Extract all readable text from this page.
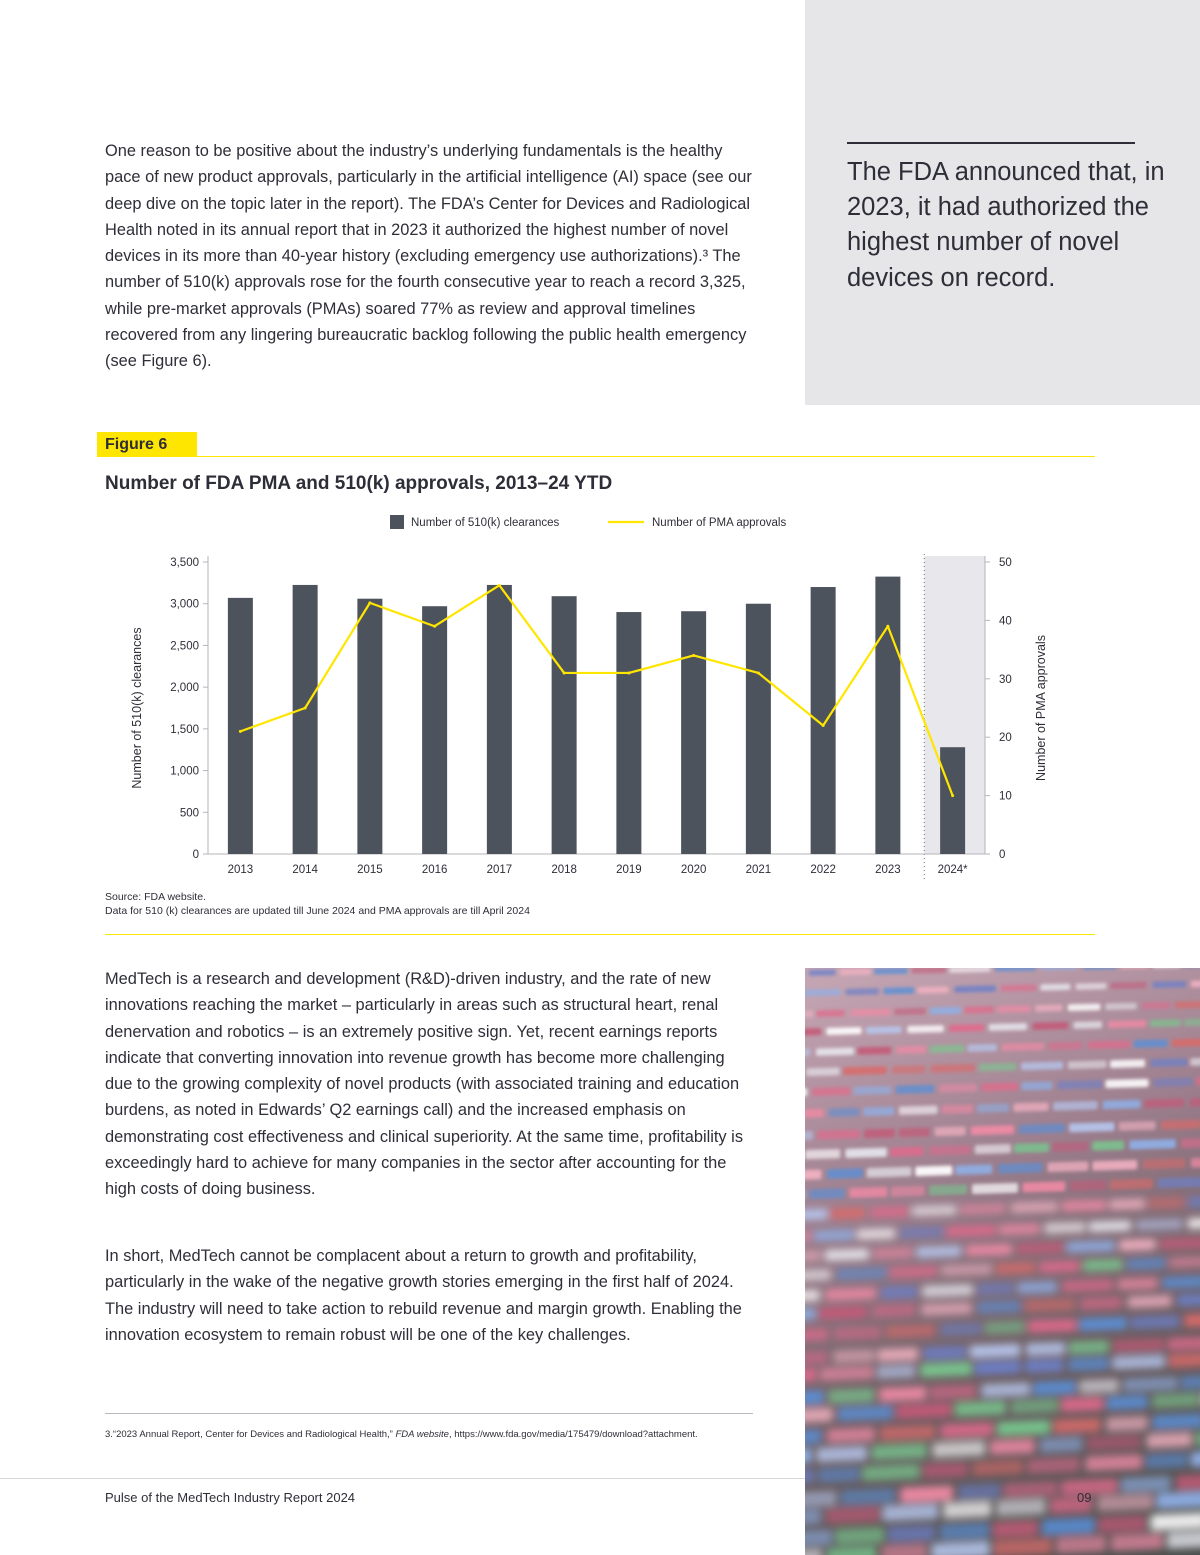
One reason to be positive about the industry’s underlying fundamentals is the healthy pace of new product approvals, particularly in the artificial intelligence (AI) space (see our deep dive on the topic later in the report). The FDA’s Center for Devices and Radiological Health noted in its annual report that in 2023 it authorized the highest number of novel devices in its more than 40-year history (excluding emergency use authorizations).³ The number of 510(k) approvals rose for the fourth consecutive year to reach a record 3,325, while pre-market approvals (PMAs) soared 77% as review and approval timelines recovered from any lingering bureaucratic backlog following the public health emergency (see Figure 6).

The FDA announced that, in 2023, it had authorized the highest number of novel devices on record.

Figure 6
Number of FDA PMA and 510(k) approvals, 2013–24 YTD
0
500
1,000
1,500
2,000
2,500
3,000
3,500
0
10
20
30
40
50
2013	2014	2015	2016	2017	2018	2019	2020	2021	2022	2023	2024*
Number of 510(k) clearances	Number of PMA approvals
Number of 510(k) clearances	Number of PMA approvals

Source: FDA website.

Data for 510 (k) clearances are updated till June 2024 and PMA approvals are till April 2024

MedTech is a research and development (R&D)-driven industry, and the rate of new innovations reaching the market – particularly in areas such as structural heart, renal denervation and robotics – is an extremely positive sign. Yet, recent earnings reports indicate that converting innovation into revenue growth has become more challenging due to the growing complexity of novel products (with associated training and education burdens, as noted in Edwards’ Q2 earnings call) and the increased emphasis on demonstrating cost effectiveness and clinical superiority. At the same time, profitability is exceedingly hard to achieve for many companies in the sector after accounting for the high costs of doing business.

In short, MedTech cannot be complacent about a return to growth and profitability, particularly in the wake of the negative growth stories emerging in the first half of 2024. The industry will need to take action to rebuild revenue and margin growth. Enabling the innovation ecosystem to remain robust will be one of the key challenges.

3.“2023 Annual Report, Center for Devices and Radiological Health,” FDA website, https://www.fda.gov/media/175479/download?attachment.

Pulse of the MedTech Industry Report 2024	09
